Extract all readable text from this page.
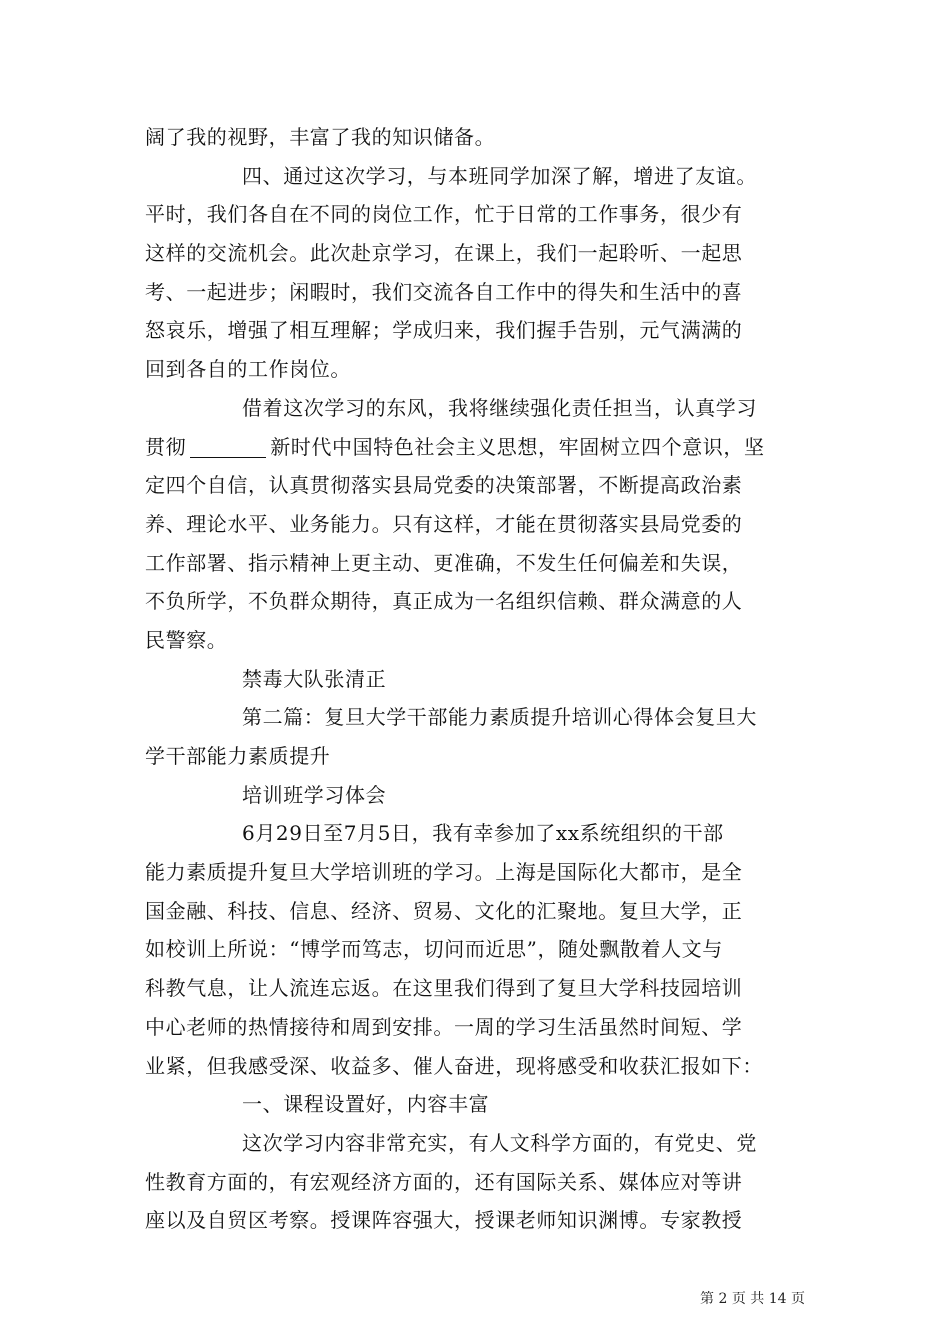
阔了我的视野，丰富了我的知识储备。
四、通过这次学习，与本班同学加深了解，增进了友谊。
平时，我们各自在不同的岗位工作，忙于日常的工作事务，很少有
这样的交流机会。此次赴京学习，在课上，我们一起聆听、一起思
考、一起进步；闲暇时，我们交流各自工作中的得失和生活中的喜
怒哀乐，增强了相互理解；学成归来，我们握手告别，元气满满的
回到各自的工作岗位。
借着这次学习的东风，我将继续强化责任担当，认真学习
贯彻	新时代中国特色社会主义思想，牢固树立四个意识，坚
定四个自信，认真贯彻落实县局党委的决策部署，不断提高政治素
养、理论水平、业务能力。只有这样，才能在贯彻落实县局党委的
工作部署、指示精神上更主动、更准确，不发生任何偏差和失误，
不负所学，不负群众期待，真正成为一名组织信赖、群众满意的人
民警察。
禁毒大队张清正
第二篇：复旦大学干部能力素质提升培训心得体会复旦大
学干部能力素质提升
培训班学习体会
6月29日至7月5日，我有幸参加了xx系统组织的干部
能力素质提升复旦大学培训班的学习。上海是国际化大都市，是全
国金融、科技、信息、经济、贸易、文化的汇聚地。复旦大学，正
如校训上所说：“博学而笃志，切问而近思”，随处飘散着人文与
科教气息，让人流连忘返。在这里我们得到了复旦大学科技园培训
中心老师的热情接待和周到安排。一周的学习生活虽然时间短、学
业紧，但我感受深、收益多、催人奋进，现将感受和收获汇报如下：
一、课程设置好，内容丰富
这次学习内容非常充实，有人文科学方面的，有党史、党
性教育方面的，有宏观经济方面的，还有国际关系、媒体应对等讲
座以及自贸区考察。授课阵容强大，授课老师知识渊博。专家教授
第 2 页 共 14 页
